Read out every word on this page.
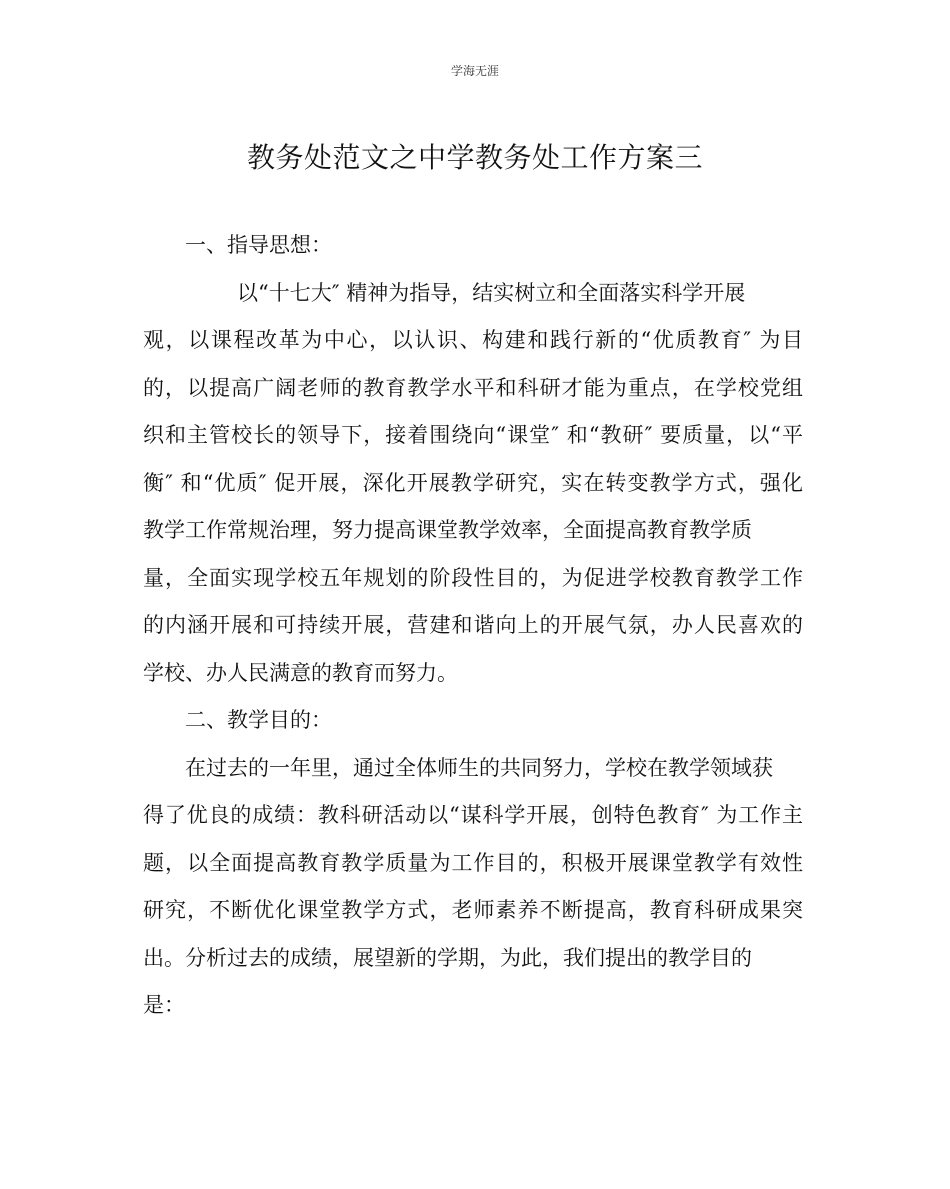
学海无涯
教务处范文之中学教务处工作方案三
一、指导思想：
以“十七大″ 精神为指导，结实树立和全面落实科学开展
观，以课程改革为中心，以认识、构建和践行新的“优质教育″ 为目
的，以提高广阔老师的教育教学水平和科研才能为重点，在学校党组
织和主管校长的领导下，接着围绕向“课堂″ 和“教研″ 要质量，以“平
衡″ 和“优质″ 促开展，深化开展教学研究，实在转变教学方式，强化
教学工作常规治理，努力提高课堂教学效率，全面提高教育教学质
量，全面实现学校五年规划的阶段性目的，为促进学校教育教学工作
的内涵开展和可持续开展，营建和谐向上的开展气氛，办人民喜欢的
学校、办人民满意的教育而努力。
二、教学目的：
在过去的一年里，通过全体师生的共同努力，学校在教学领域获
得了优良的成绩：教科研活动以“谋科学开展，创特色教育″ 为工作主
题，以全面提高教育教学质量为工作目的，积极开展课堂教学有效性
研究，不断优化课堂教学方式，老师素养不断提高，教育科研成果突
出。分析过去的成绩，展望新的学期，为此，我们提出的教学目的
是：
